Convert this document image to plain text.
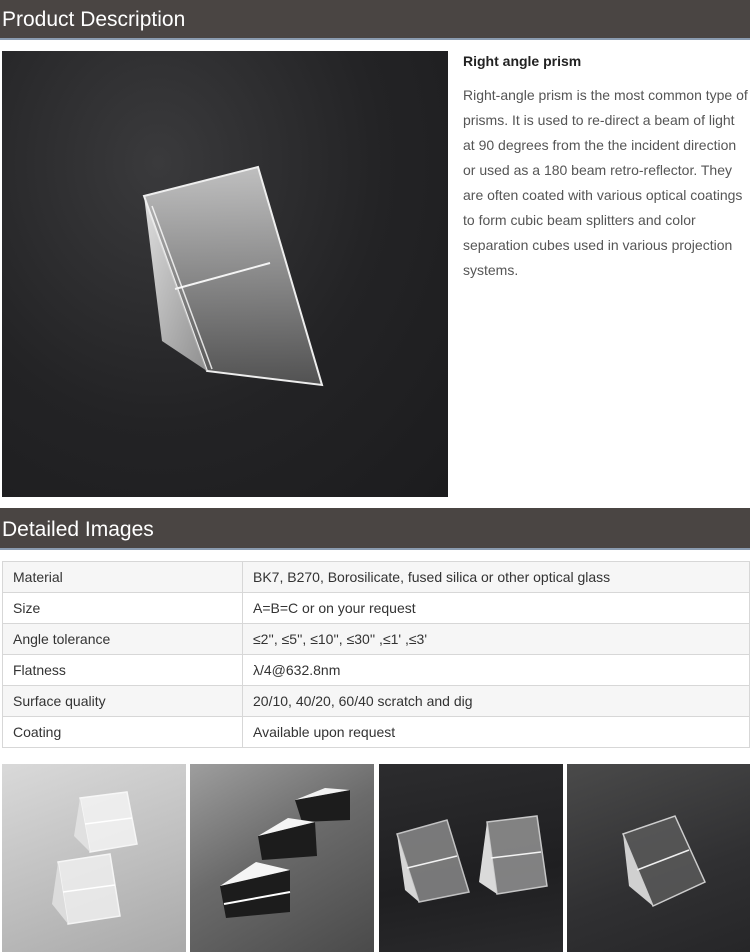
Product Description

Right angle prism

Right-angle prism is the most common type of prisms. It is used to re-direct a beam of light at 90 degrees from the the incident direction or used as a 180 beam retro-reflector. They are often coated with various optical coatings to form cubic beam splitters and color separation cubes used in various projection systems.

Detailed Images
Material	BK7, B270, Borosilicate, fused silica or other optical glass
Size	A=B=C or on your request
Angle tolerance	≤2'', ≤5'', ≤10'', ≤30'' ,≤1' ,≤3'
Flatness	λ/4@632.8nm
Surface quality	20/10, 40/20, 60/40 scratch and dig
Coating	Available upon request
